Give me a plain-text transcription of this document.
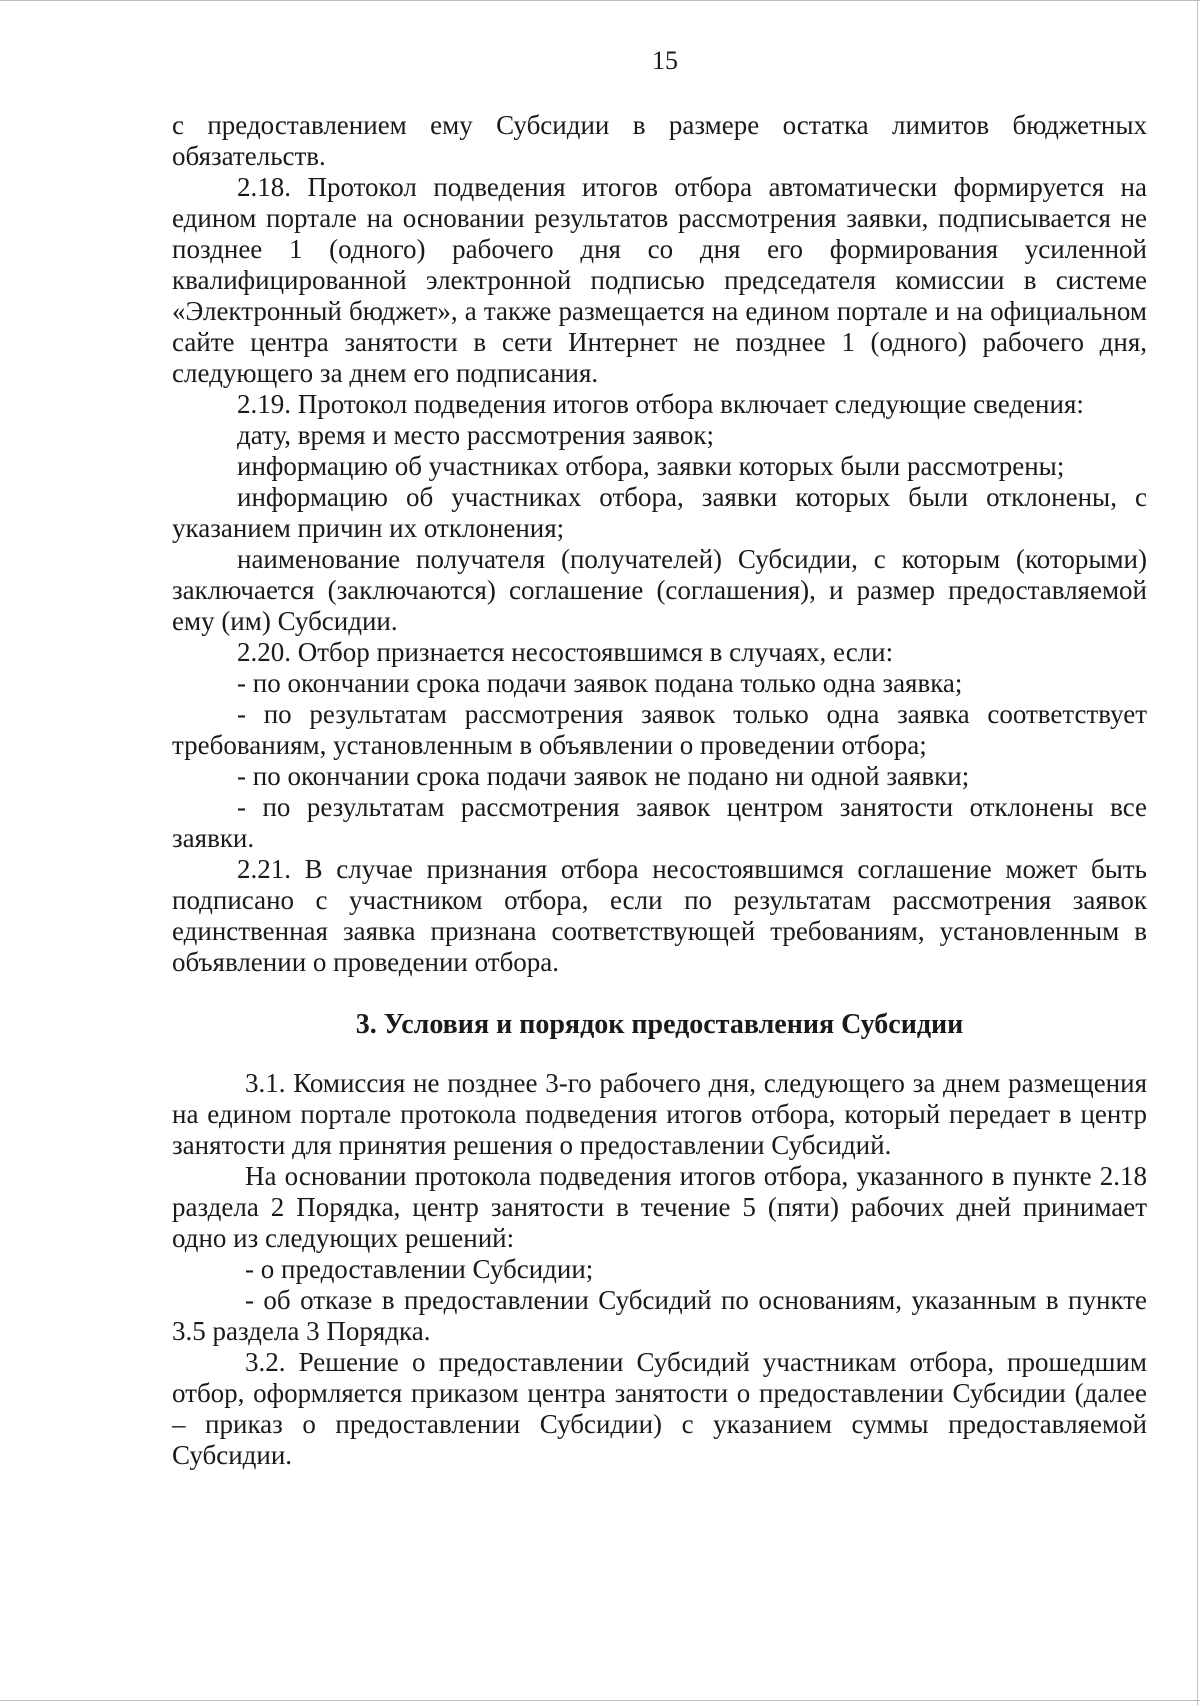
15

с предоставлением ему Субсидии в размере остатка лимитов бюджетных обязательств.

2.18. Протокол подведения итогов отбора автоматически формируется на едином портале на основании результатов рассмотрения заявки, подписывается не позднее 1 (одного) рабочего дня со дня его формирования усиленной квалифицированной электронной подписью председателя комиссии в системе «Электронный бюджет», а также размещается на едином портале и на официальном сайте центра занятости в сети Интернет не позднее 1 (одного) рабочего дня, следующего за днем его подписания.

2.19. Протокол подведения итогов отбора включает следующие сведения:

дату, время и место рассмотрения заявок;

информацию об участниках отбора, заявки которых были рассмотрены;

информацию об участниках отбора, заявки которых были отклонены, с указанием причин их отклонения;

наименование получателя (получателей) Субсидии, с которым (которыми) заключается (заключаются) соглашение (соглашения), и размер предоставляемой ему (им) Субсидии.

2.20. Отбор признается несостоявшимся в случаях, если:

- по окончании срока подачи заявок подана только одна заявка;

- по результатам рассмотрения заявок только одна заявка соответствует требованиям, установленным в объявлении о проведении отбора;

- по окончании срока подачи заявок не подано ни одной заявки;

- по результатам рассмотрения заявок центром занятости отклонены все заявки.

2.21. В случае признания отбора несостоявшимся соглашение может быть подписано с участником отбора, если по результатам рассмотрения заявок единственная заявка признана соответствующей требованиям, установленным в объявлении о проведении отбора.

3. Условия и порядок предоставления Субсидии

3.1. Комиссия не позднее 3-го рабочего дня, следующего за днем размещения на едином портале протокола подведения итогов отбора, который передает в центр занятости для принятия решения о предоставлении Субсидий.

На основании протокола подведения итогов отбора, указанного в пункте 2.18 раздела 2 Порядка, центр занятости в течение 5 (пяти) рабочих дней принимает одно из следующих решений:

- о предоставлении Субсидии;

- об отказе в предоставлении Субсидий по основаниям, указанным в пункте 3.5 раздела 3 Порядка.

3.2. Решение о предоставлении Субсидий участникам отбора, прошедшим отбор, оформляется приказом центра занятости о предоставлении Субсидии (далее – приказ о предоставлении Субсидии) с указанием суммы предоставляемой Субсидии.
